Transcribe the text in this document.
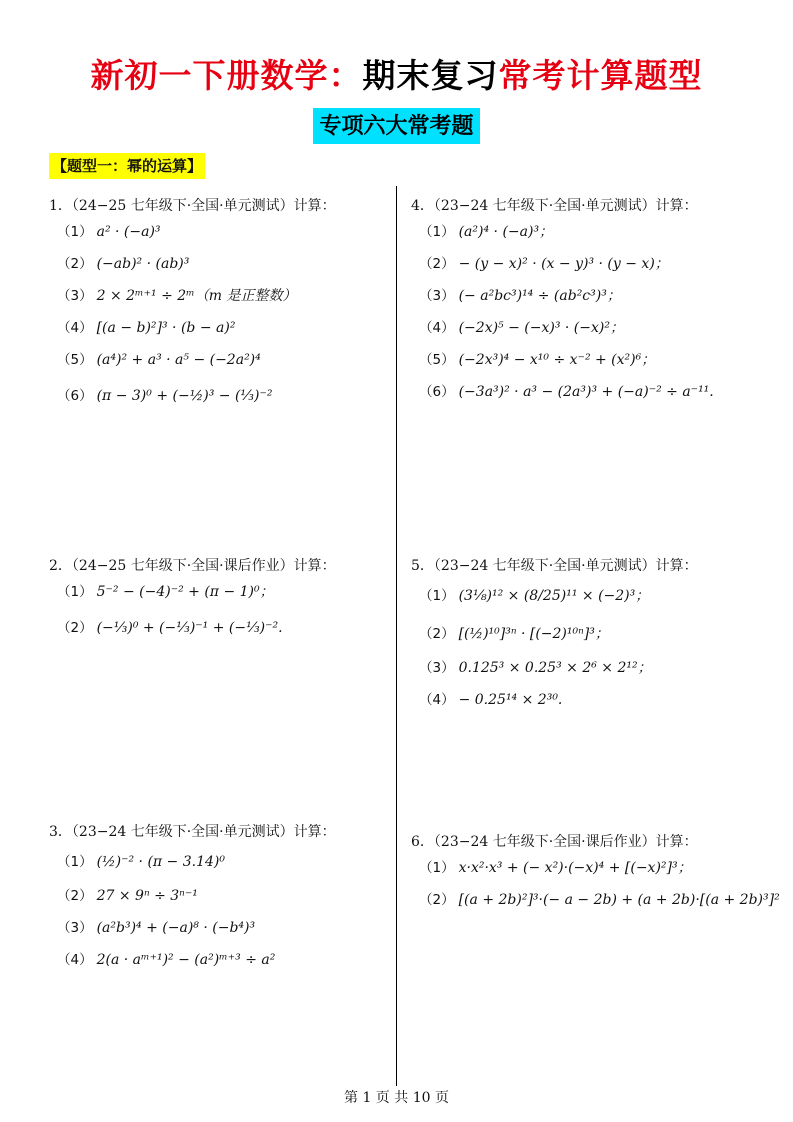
新初一下册数学：期末复习常考计算题型
专项六大常考题
【题型一：幂的运算】
1．（24−25 七年级下·全国·单元测试）计算：
（1） a² · (−a)³
（2） (−ab)² · (ab)³
（3） 2 × 2ᵐ⁺¹ ÷ 2ᵐ（m 是正整数）
（4） [(a − b)²]³ · (b − a)²
（5） (a⁴)² + a³ · a⁵ − (−2a²)⁴
（6） (π − 3)⁰ + (−½)³ − (⅓)⁻²
2．（24−25 七年级下·全国·课后作业）计算：
（1） 5⁻² − (−4)⁻² + (π − 1)⁰；
（2） (−⅓)⁰ + (−⅓)⁻¹ + (−⅓)⁻².
3．（23−24 七年级下·全国·单元测试）计算：
（1） (½)⁻² · (π − 3.14)⁰
（2） 27 × 9ⁿ ÷ 3ⁿ⁻¹
（3） (a²b³)⁴ + (−a)⁸ · (−b⁴)³
（4） 2(a · aᵐ⁺¹)² − (a²)ᵐ⁺³ ÷ a²
4．（23−24 七年级下·全国·单元测试）计算：
（1） (a²)⁴ · (−a)³；
（2） − (y − x)² · (x − y)³ · (y − x)；
（3） (− a²bc³)¹⁴ ÷ (ab²c³)³；
（4） (−2x)⁵ − (−x)³ · (−x)²；
（5） (−2x³)⁴ − x¹⁰ ÷ x⁻² + (x²)⁶；
（6） (−3a³)² · a³ − (2a³)³ + (−a)⁻² ÷ a⁻¹¹.
5．（23−24 七年级下·全国·单元测试）计算：
（1） (3⅛)¹² × (8/25)¹¹ × (−2)³；
（2） [(½)¹⁰]³ⁿ · [(−2)¹⁰ⁿ]³；
（3） 0.125³ × 0.25³ × 2⁶ × 2¹²；
（4） − 0.25¹⁴ × 2³⁰.
6．（23−24 七年级下·全国·课后作业）计算：
（1） x·x²·x³ + (− x²)·(−x)⁴ + [(−x)²]³；
（2） [(a + 2b)²]³·(− a − 2b) + (a + 2b)·[(a + 2b)³]²
第 1 页 共 10 页
